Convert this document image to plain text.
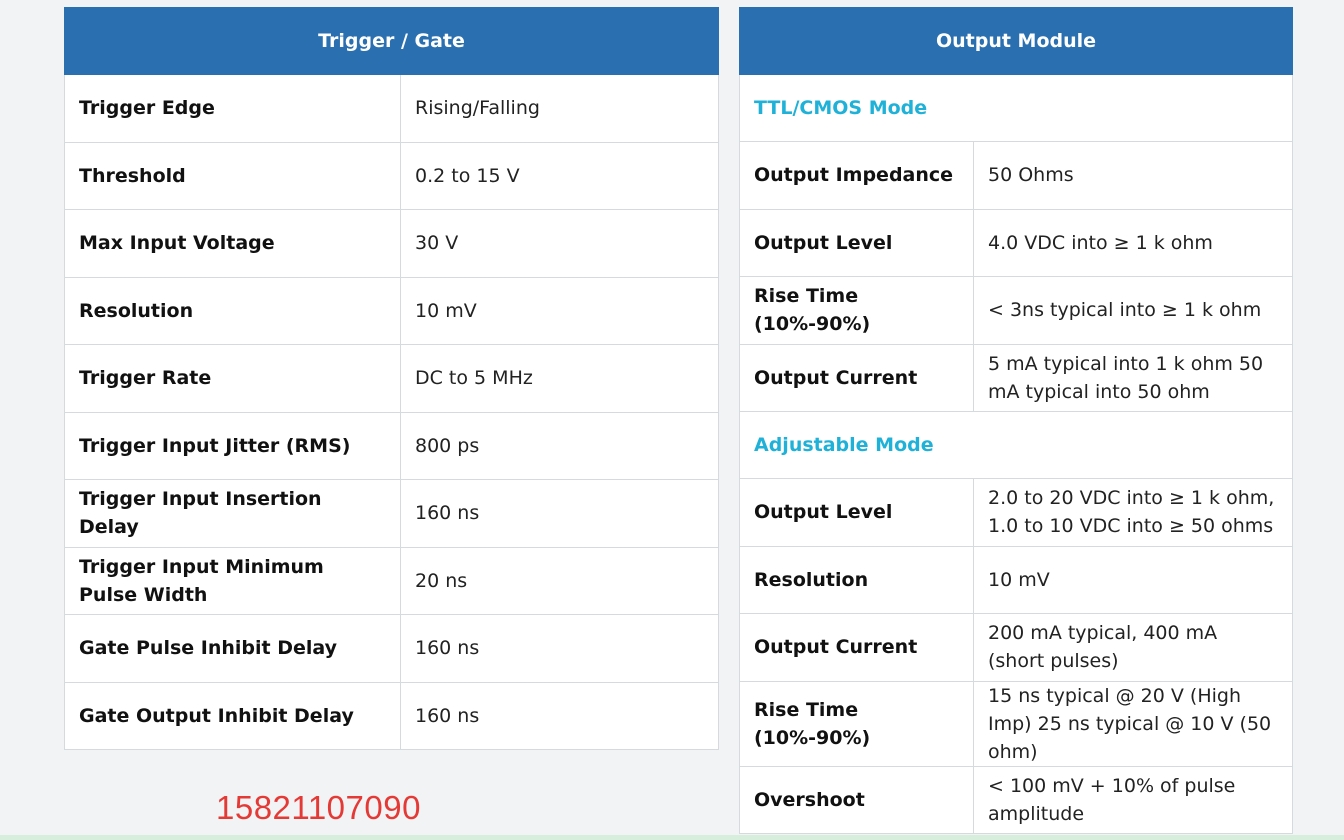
Trigger / Gate	
Trigger Edge	Rising/Falling
Threshold	0.2 to 15 V
Max Input Voltage	30 V
Resolution	10 mV
Trigger Rate	DC to 5 MHz
Trigger Input Jitter (RMS)	800 ps
Trigger Input Insertion Delay	160 ns
Trigger Input Minimum Pulse Width	20 ns
Gate Pulse Inhibit Delay	160 ns
Gate Output Inhibit Delay	160 ns
Output Module	
TTL/CMOS Mode	
Output Impedance	50 Ohms
Output Level	4.0 VDC into ≥ 1 k ohm
Rise Time (10%-90%)	< 3ns typical into ≥ 1 k ohm
Output Current	5 mA typical into 1 k ohm 50 mA typical into 50 ohm
Adjustable Mode	
Output Level	2.0 to 20 VDC into ≥ 1 k ohm, 1.0 to 10 VDC into ≥ 50 ohms
Resolution	10 mV
Output Current	200 mA typical, 400 mA (short pulses)
Rise Time (10%-90%)	15 ns typical @ 20 V (High Imp) 25 ns typical @ 10 V (50 ohm)
Overshoot	< 100 mV + 10% of pulse amplitude
15821107090
